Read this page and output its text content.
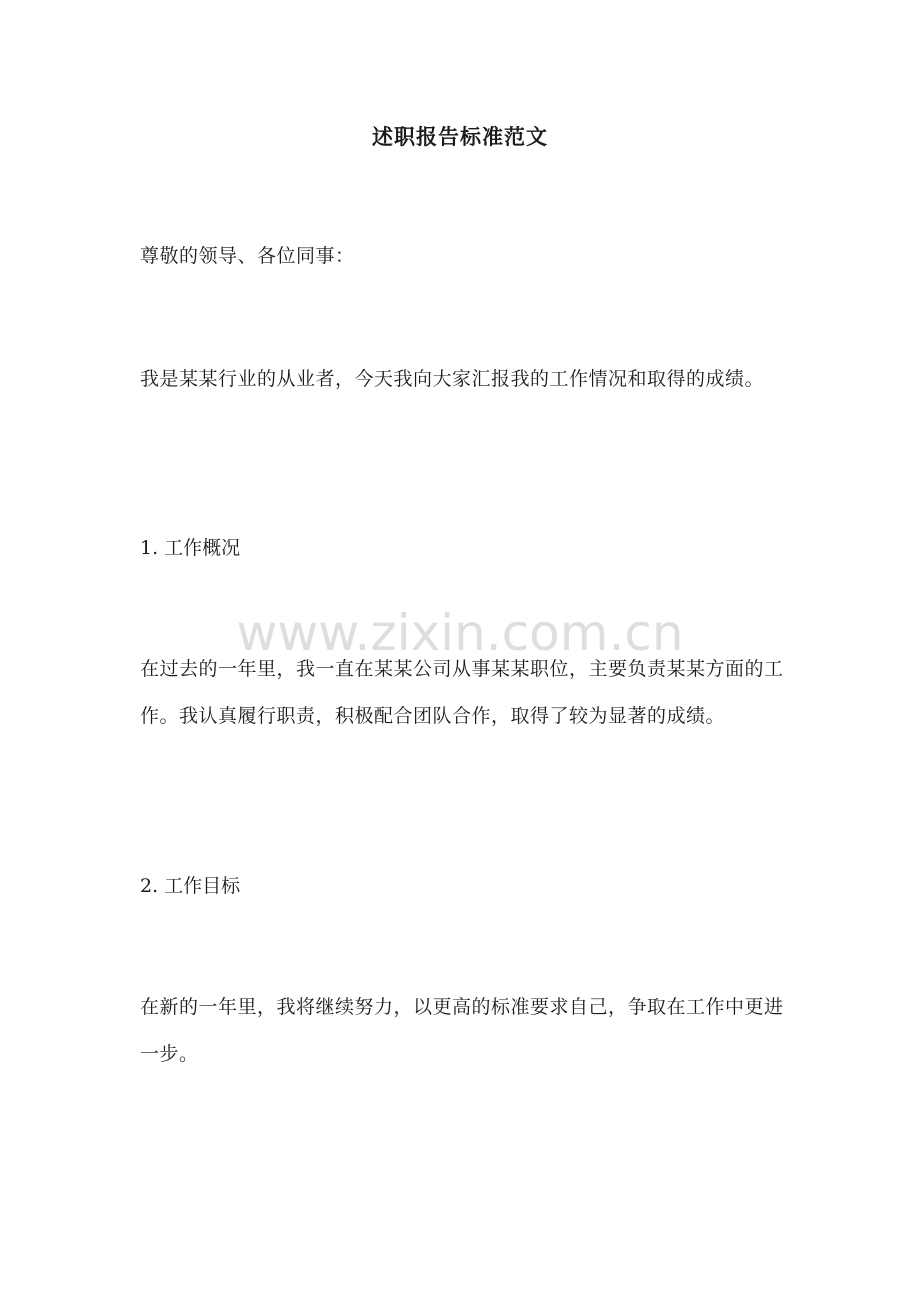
述职报告标准范文
尊敬的领导、各位同事：
我是某某行业的从业者，今天我向大家汇报我的工作情况和取得的成绩。
1. 工作概况
在过去的一年里，我一直在某某公司从事某某职位，主要负责某某方面的工作。我认真履行职责，积极配合团队合作，取得了较为显著的成绩。
2. 工作目标
在新的一年里，我将继续努力，以更高的标准要求自己，争取在工作中更进一步。
www.zixin.com.cn
